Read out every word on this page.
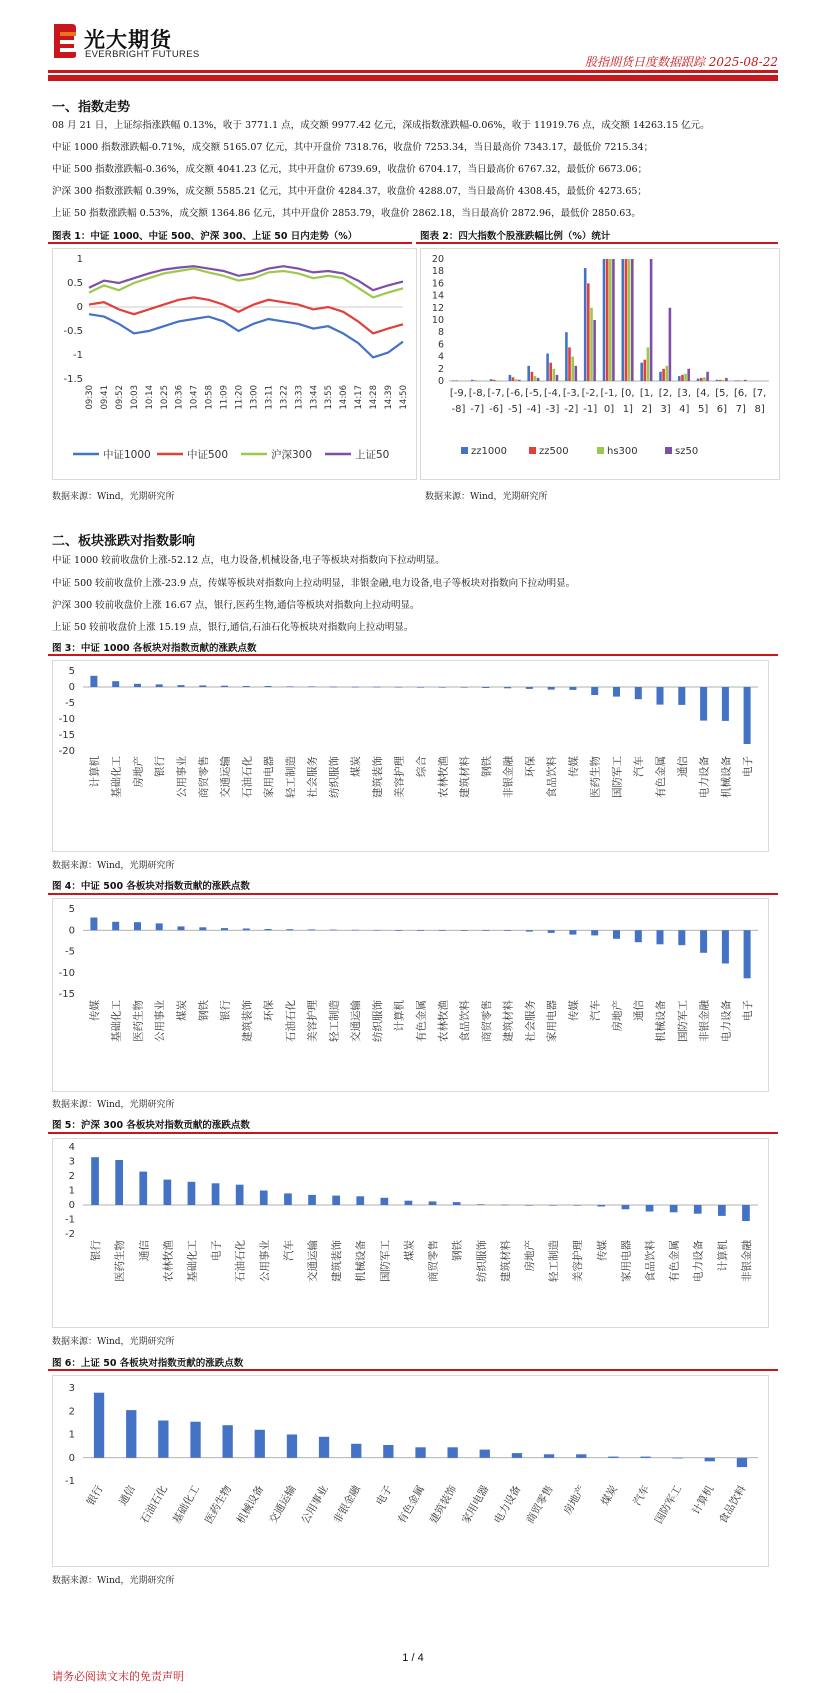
光大期货
EVERBRIGHT FUTURES
股指期货日度数据跟踪 2025-08-22
一、指数走势
08 月 21 日，上证综指涨跌幅 0.13%，收于 3771.1 点，成交额 9977.42 亿元，深成指数涨跌幅-0.06%，收于 11919.76 点，成交额 14263.15 亿元。
中证 1000 指数涨跌幅-0.71%，成交额 5165.07 亿元，其中开盘价 7318.76，收盘价 7253.34，当日最高价 7343.17，最低价 7215.34；
中证 500 指数涨跌幅-0.36%，成交额 4041.23 亿元，其中开盘价 6739.69，收盘价 6704.17，当日最高价 6767.32，最低价 6673.06；
沪深 300 指数涨跌幅 0.39%，成交额 5585.21 亿元，其中开盘价 4284.37，收盘价 4288.07，当日最高价 4308.45，最低价 4273.65；
上证 50 指数涨跌幅 0.53%，成交额 1364.86 亿元，其中开盘价 2853.79，收盘价 2862.18，当日最高价 2872.96，最低价 2850.63。
图表 1：中证 1000、中证 500、沪深 300、上证 50 日内走势（%）	图表 2：四大指数个股涨跌幅比例（%）统计
-1.5
-1
-0.5
0
0.5
1
09:30 09:41 09:52 10:03 10:14 10:25 10:36 10:47 10:58 11:09 11:20 13:00 13:11 13:22 13:33 13:44 13:55 14:06 14:17 14:28 14:39 14:50
中证1000	中证500	沪深300	上证50
0
2
4
6
8
10
12
14
16
18
20
[-9,
-8]
[-8,
-7]
[-7,
-6]
[-6,
-5]
[-5,
-4]
[-4,
-3]
[-3,
-2]
[-2,
-1]
[-1,
0]
[0,
1]
[1,
2]
[2,
3]
[3,
4]
[4,
5]
[5,
6]
[6,
7]
[7,
8]
zz1000	zz500	hs300	sz50
数据来源：Wind，光期研究所	数据来源：Wind，光期研究所
二、板块涨跌对指数影响
中证 1000 较前收盘价上涨-52.12 点，电力设备,机械设备,电子等板块对指数向下拉动明显。
中证 500 较前收盘价上涨-23.9 点，传媒等板块对指数向上拉动明显，非银金融,电力设备,电子等板块对指数向下拉动明显。
沪深 300 较前收盘价上涨 16.67 点，银行,医药生物,通信等板块对指数向上拉动明显。
上证 50 较前收盘价上涨 15.19 点，银行,通信,石油石化等板块对指数向上拉动明显。
图 3：中证 1000 各板块对指数贡献的涨跌点数
5
0
-5
-10
-15
-20
计算机 基础化工 房地产 银行 公用事业 商贸零售 交通运输 石油石化 家用电器 轻工制造 社会服务 纺织服饰 煤炭 建筑装饰 美容护理 综合 农林牧渔 建筑材料 钢铁 非银金融 环保 食品饮料 传媒 医药生物 国防军工 汽车 有色金属 通信 电力设备 机械设备 电子
数据来源：Wind，光期研究所
图 4：中证 500 各板块对指数贡献的涨跌点数
5
0
-5
-10
-15
传媒 基础化工 医药生物 公用事业 煤炭 钢铁 银行 建筑装饰 环保 石油石化 美容护理 轻工制造 交通运输 纺织服饰 计算机 有色金属 农林牧渔 食品饮料 商贸零售 建筑材料 社会服务 家用电器 传媒 汽车 房地产 通信 机械设备 国防军工 非银金融 电力设备 电子
数据来源：Wind，光期研究所
图 5：沪深 300 各板块对指数贡献的涨跌点数
4
3
2
1
0
-1
-2
银行 医药生物 通信 农林牧渔 基础化工 电子 石油石化 公用事业 汽车 交通运输 建筑装饰 机械设备 国防军工 煤炭 商贸零售 钢铁 纺织服饰 建筑材料 房地产 轻工制造 美容护理 传媒 家用电器 食品饮料 有色金属 电力设备 计算机 非银金融
数据来源：Wind，光期研究所
图 6：上证 50 各板块对指数贡献的涨跌点数
3
2
1
0
-1
银行 通信 石油石化 基础化工 医药生物 机械设备 交通运输 公用事业 非银金融 电子 有色金属 建筑装饰 家用电器 电力设备 商贸零售 房地产 煤炭 汽车 国防军工 计算机 食品饮料
数据来源：Wind，光期研究所
1 / 4
请务必阅读文末的免责声明
